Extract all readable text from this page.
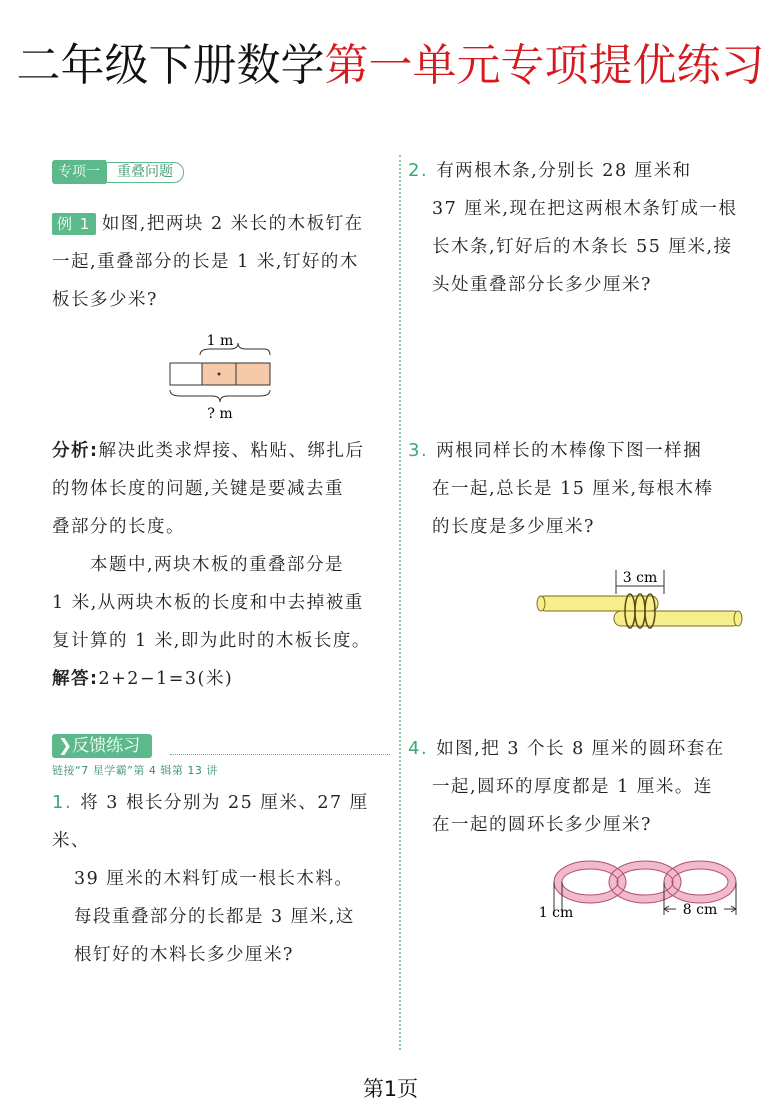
二年级下册数学第一单元专项提优练习
专项一	重叠问题
例 1 如图,把两块 2 米长的木板钉在
一起,重叠部分的长是 1 米,钉好的木
板长多少米?
1 m
? m
分析:解决此类求焊接、粘贴、绑扎后
的物体长度的问题,关键是要减去重
叠部分的长度。
本题中,两块木板的重叠部分是
1 米,从两块木板的长度和中去掉被重
复计算的 1 米,即为此时的木板长度。
解答:2+2−1=3(米)
❯反馈练习
链接“7 星学霸”第 4 辑第 13 讲
1. 将 3 根长分别为 25 厘米、27 厘米、
39 厘米的木料钉成一根长木料。
每段重叠部分的长都是 3 厘米,这
根钉好的木料长多少厘米?
2. 有两根木条,分别长 28 厘米和
37 厘米,现在把这两根木条钉成一根
长木条,钉好后的木条长 55 厘米,接
头处重叠部分长多少厘米?
3. 两根同样长的木棒像下图一样捆
在一起,总长是 15 厘米,每根木棒
的长度是多少厘米?
3 cm
4. 如图,把 3 个长 8 厘米的圆环套在
一起,圆环的厚度都是 1 厘米。连
在一起的圆环长多少厘米?
1 cm	8 cm
第1页
